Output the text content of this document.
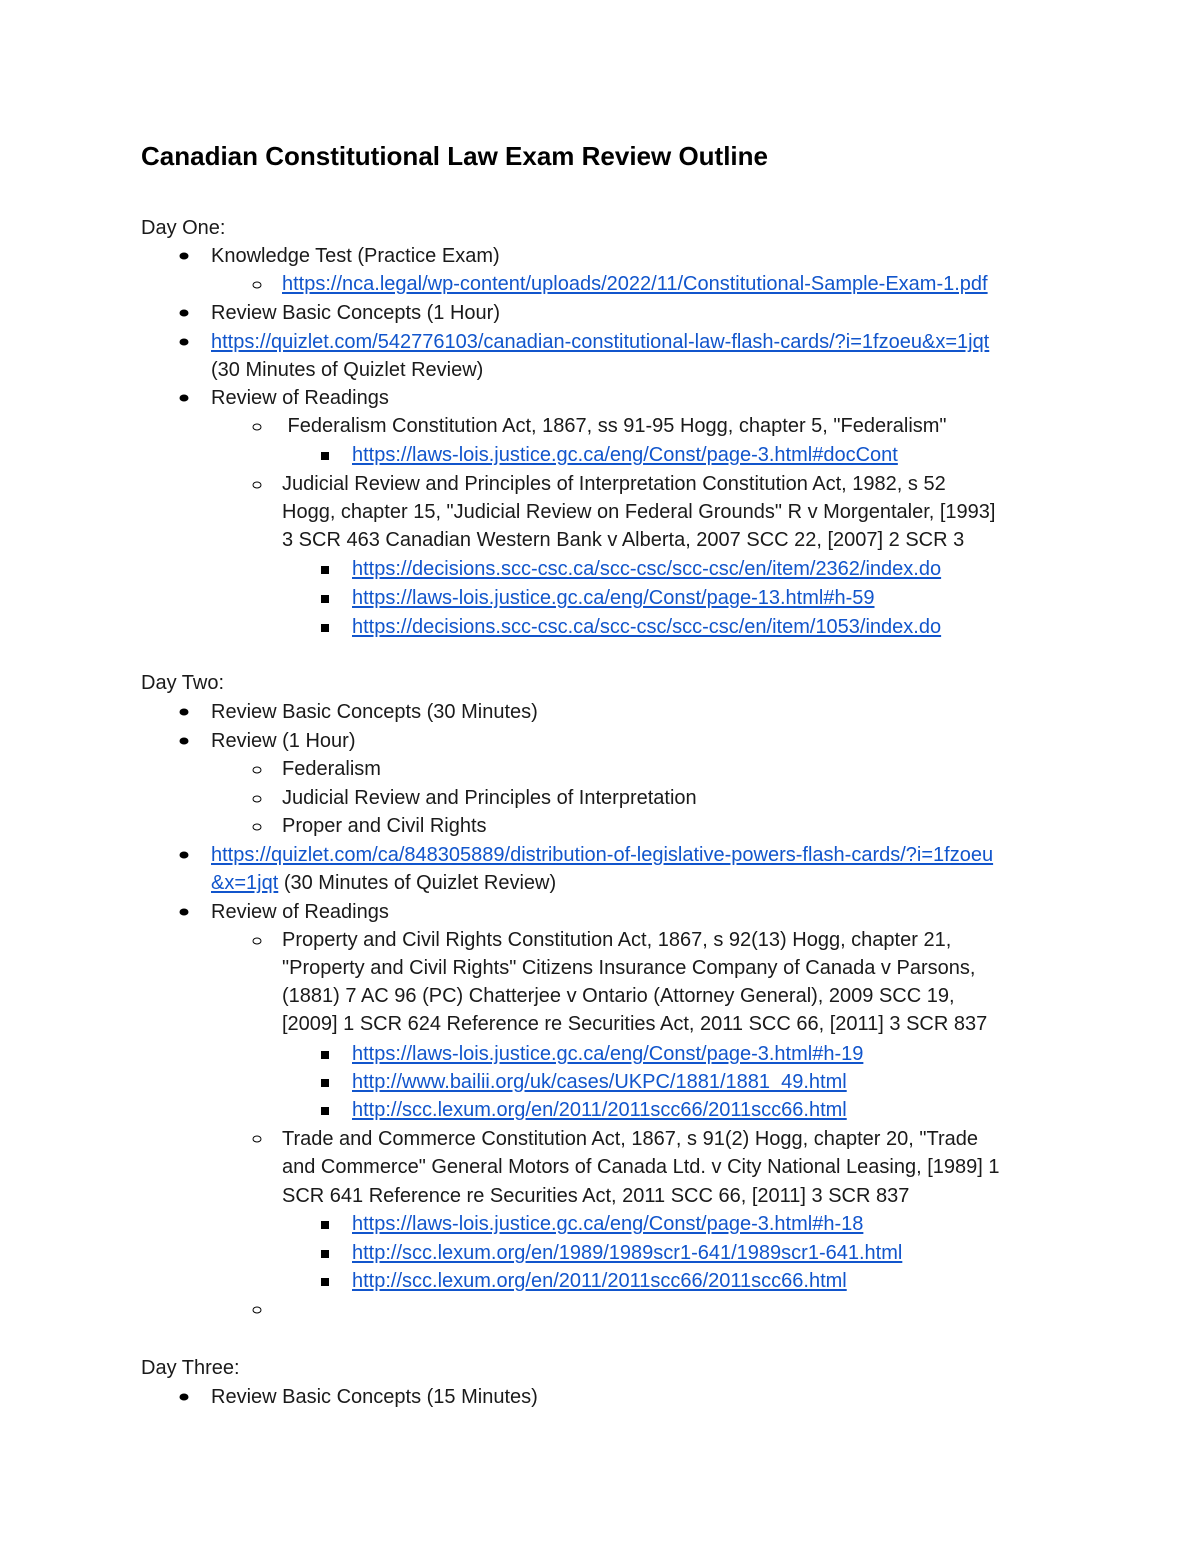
Canadian Constitutional Law Exam Review Outline
Day One:
Knowledge Test (Practice Exam)
https://nca.legal/wp-content/uploads/2022/11/Constitutional-Sample-Exam-1.pdf
Review Basic Concepts (1 Hour)
https://quizlet.com/542776103/canadian-constitutional-law-flash-cards/?i=1fzoeu&x=1jqt
(30 Minutes of Quizlet Review)
Review of Readings
Federalism Constitution Act, 1867, ss 91-95 Hogg, chapter 5, "Federalism"
https://laws-lois.justice.gc.ca/eng/Const/page-3.html#docCont
Judicial Review and Principles of Interpretation Constitution Act, 1982, s 52
Hogg, chapter 15, "Judicial Review on Federal Grounds" R v Morgentaler, [1993]
3 SCR 463 Canadian Western Bank v Alberta, 2007 SCC 22, [2007] 2 SCR 3
https://decisions.scc-csc.ca/scc-csc/scc-csc/en/item/2362/index.do
https://laws-lois.justice.gc.ca/eng/Const/page-13.html#h-59
https://decisions.scc-csc.ca/scc-csc/scc-csc/en/item/1053/index.do
Day Two:
Review Basic Concepts (30 Minutes)
Review (1 Hour)
Federalism
Judicial Review and Principles of Interpretation
Proper and Civil Rights
https://quizlet.com/ca/848305889/distribution-of-legislative-powers-flash-cards/?i=1fzoeu
&x=1jqt (30 Minutes of Quizlet Review)
Review of Readings
Property and Civil Rights Constitution Act, 1867, s 92(13) Hogg, chapter 21,
"Property and Civil Rights" Citizens Insurance Company of Canada v Parsons,
(1881) 7 AC 96 (PC) Chatterjee v Ontario (Attorney General), 2009 SCC 19,
[2009] 1 SCR 624 Reference re Securities Act, 2011 SCC 66, [2011] 3 SCR 837
https://laws-lois.justice.gc.ca/eng/Const/page-3.html#h-19
http://www.bailii.org/uk/cases/UKPC/1881/1881_49.html
http://scc.lexum.org/en/2011/2011scc66/2011scc66.html
Trade and Commerce Constitution Act, 1867, s 91(2) Hogg, chapter 20, "Trade
and Commerce" General Motors of Canada Ltd. v City National Leasing, [1989] 1
SCR 641 Reference re Securities Act, 2011 SCC 66, [2011] 3 SCR 837
https://laws-lois.justice.gc.ca/eng/Const/page-3.html#h-18
http://scc.lexum.org/en/1989/1989scr1-641/1989scr1-641.html
http://scc.lexum.org/en/2011/2011scc66/2011scc66.html
Day Three:
Review Basic Concepts (15 Minutes)
